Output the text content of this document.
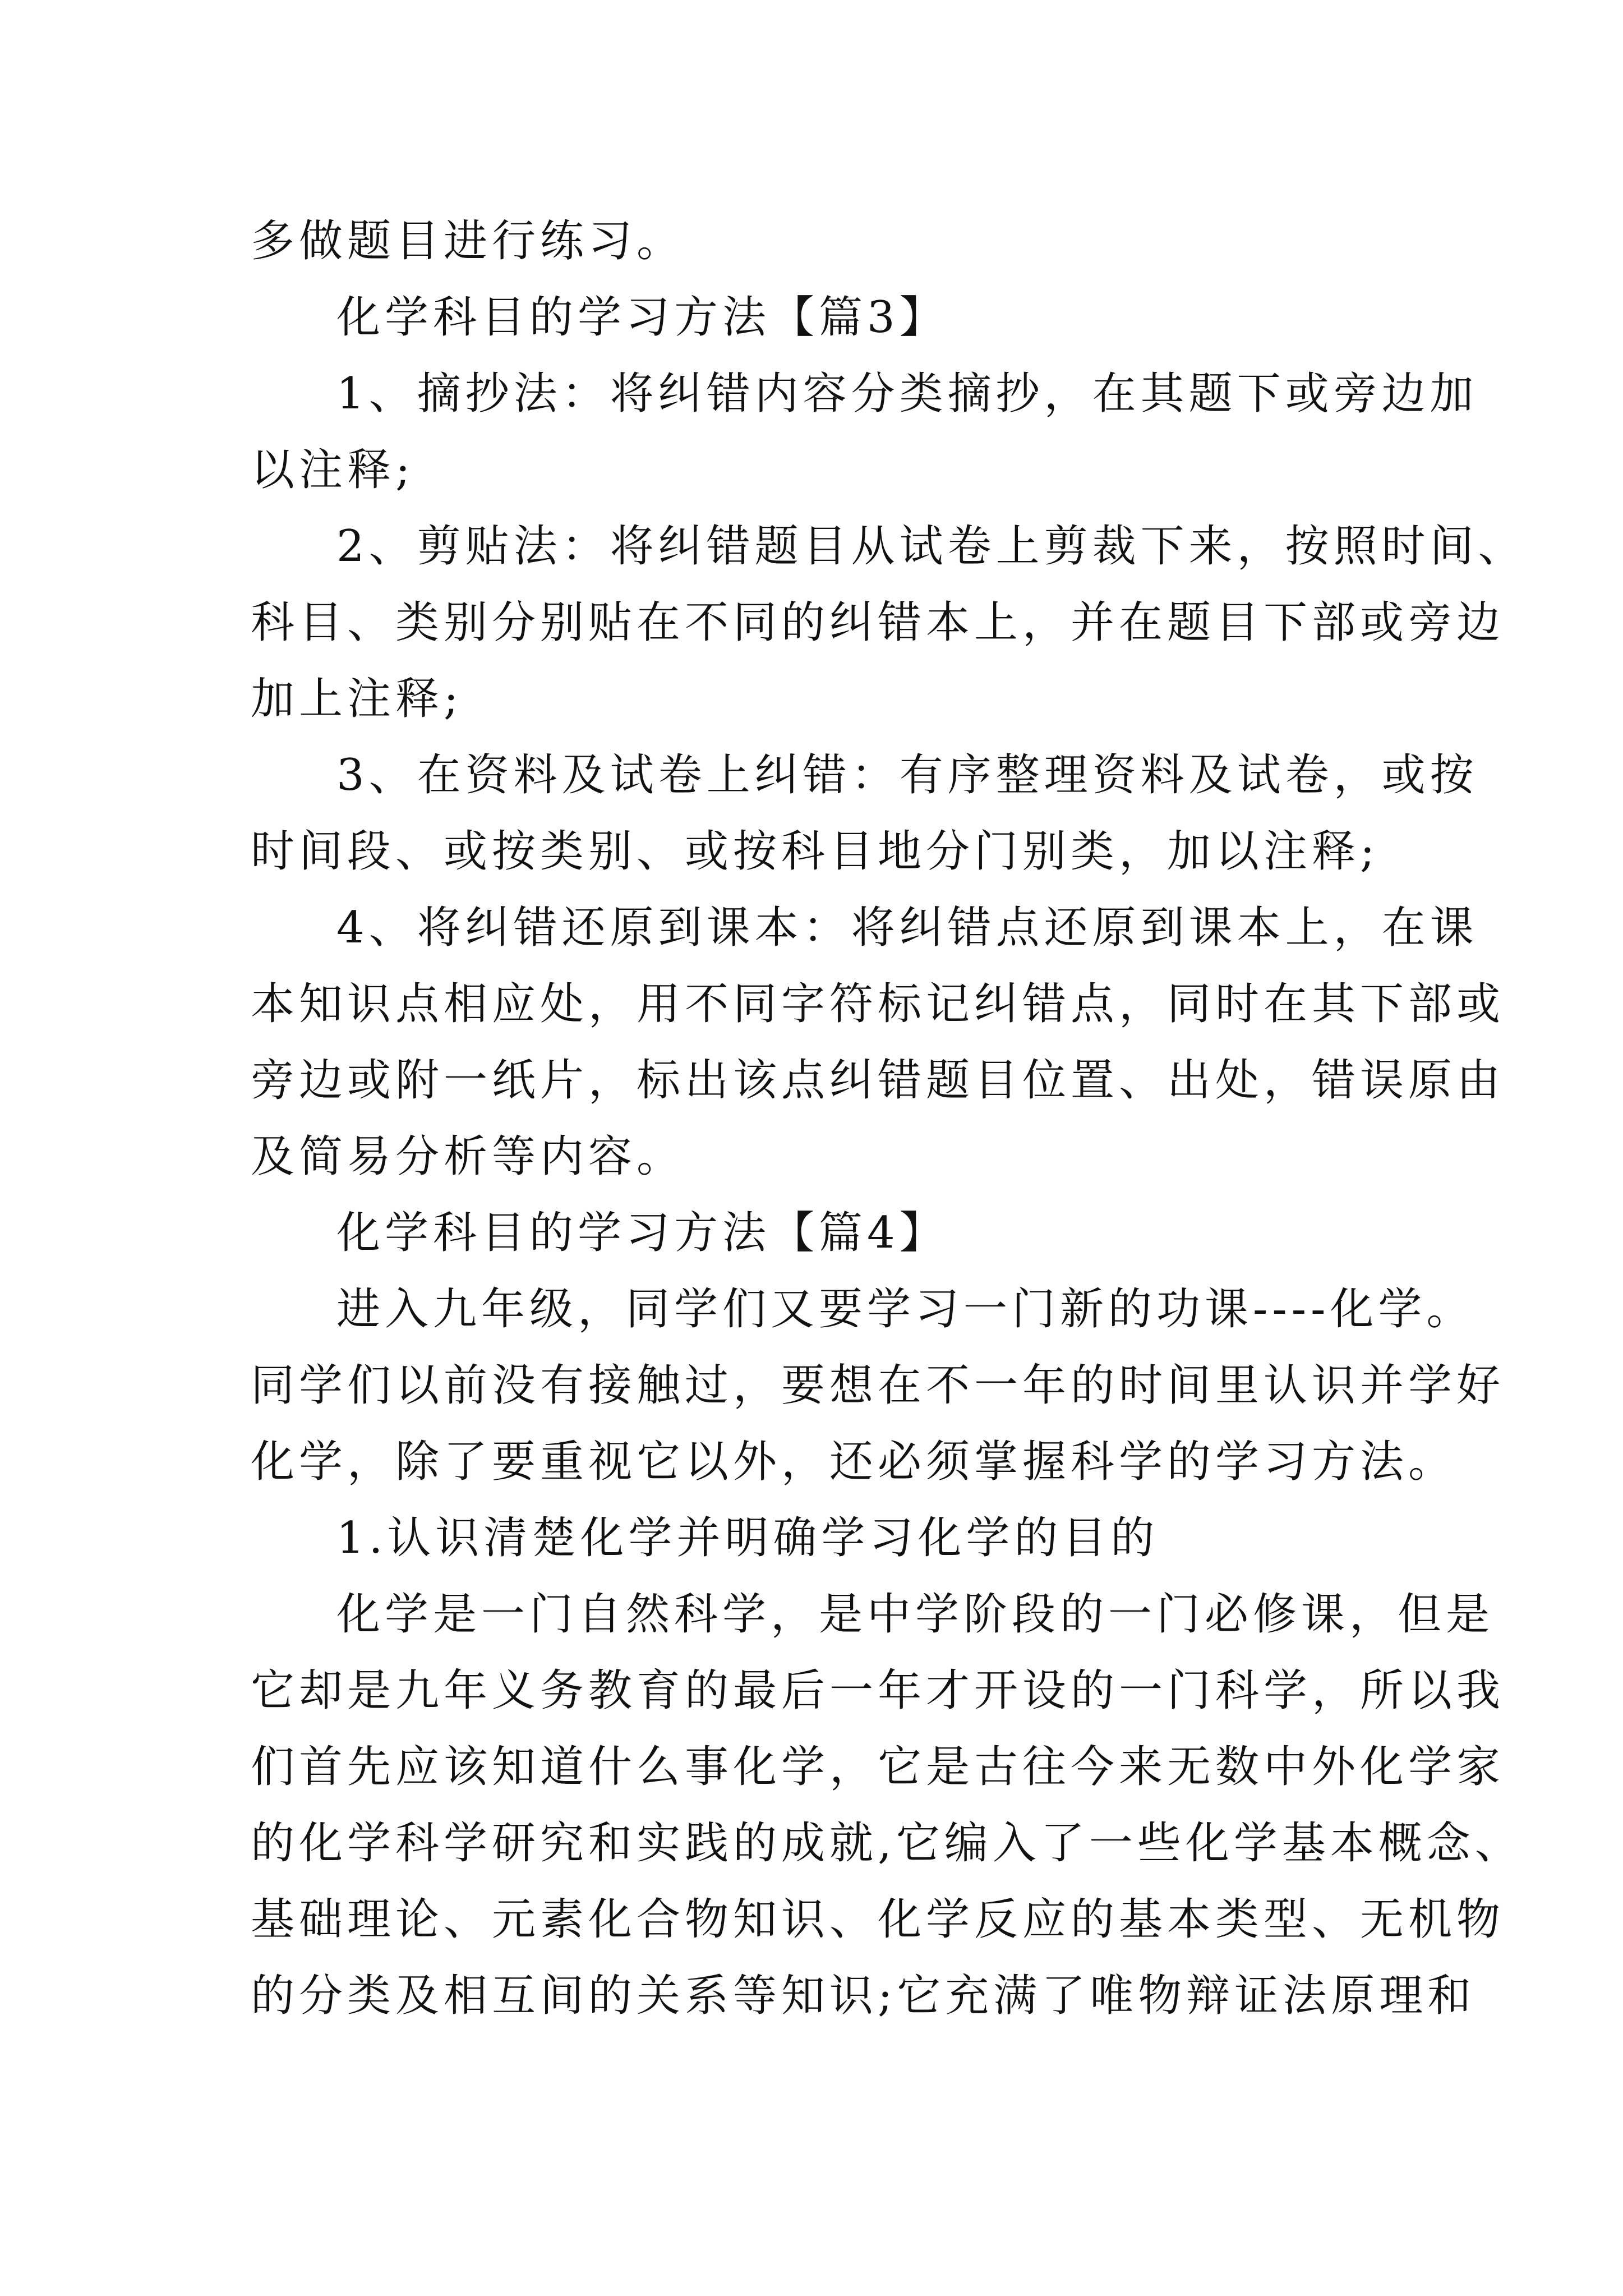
多做题目进行练习。
化学科目的学习方法【篇3】
1、摘抄法：将纠错内容分类摘抄，在其题下或旁边加
以注释;
2、剪贴法：将纠错题目从试卷上剪裁下来，按照时间、
科目、类别分别贴在不同的纠错本上，并在题目下部或旁边
加上注释;
3、在资料及试卷上纠错：有序整理资料及试卷，或按
时间段、或按类别、或按科目地分门别类，加以注释;
4、将纠错还原到课本：将纠错点还原到课本上，在课
本知识点相应处，用不同字符标记纠错点，同时在其下部或
旁边或附一纸片，标出该点纠错题目位置、出处，错误原由
及简易分析等内容。
化学科目的学习方法【篇4】
进入九年级，同学们又要学习一门新的功课----化学。
同学们以前没有接触过，要想在不一年的时间里认识并学好
化学，除了要重视它以外，还必须掌握科学的学习方法。
1.认识清楚化学并明确学习化学的目的
化学是一门自然科学，是中学阶段的一门必修课，但是
它却是九年义务教育的最后一年才开设的一门科学，所以我
们首先应该知道什么事化学，它是古往今来无数中外化学家
的化学科学研究和实践的成就,它编入了一些化学基本概念、
基础理论、元素化合物知识、化学反应的基本类型、无机物
的分类及相互间的关系等知识;它充满了唯物辩证法原理和
